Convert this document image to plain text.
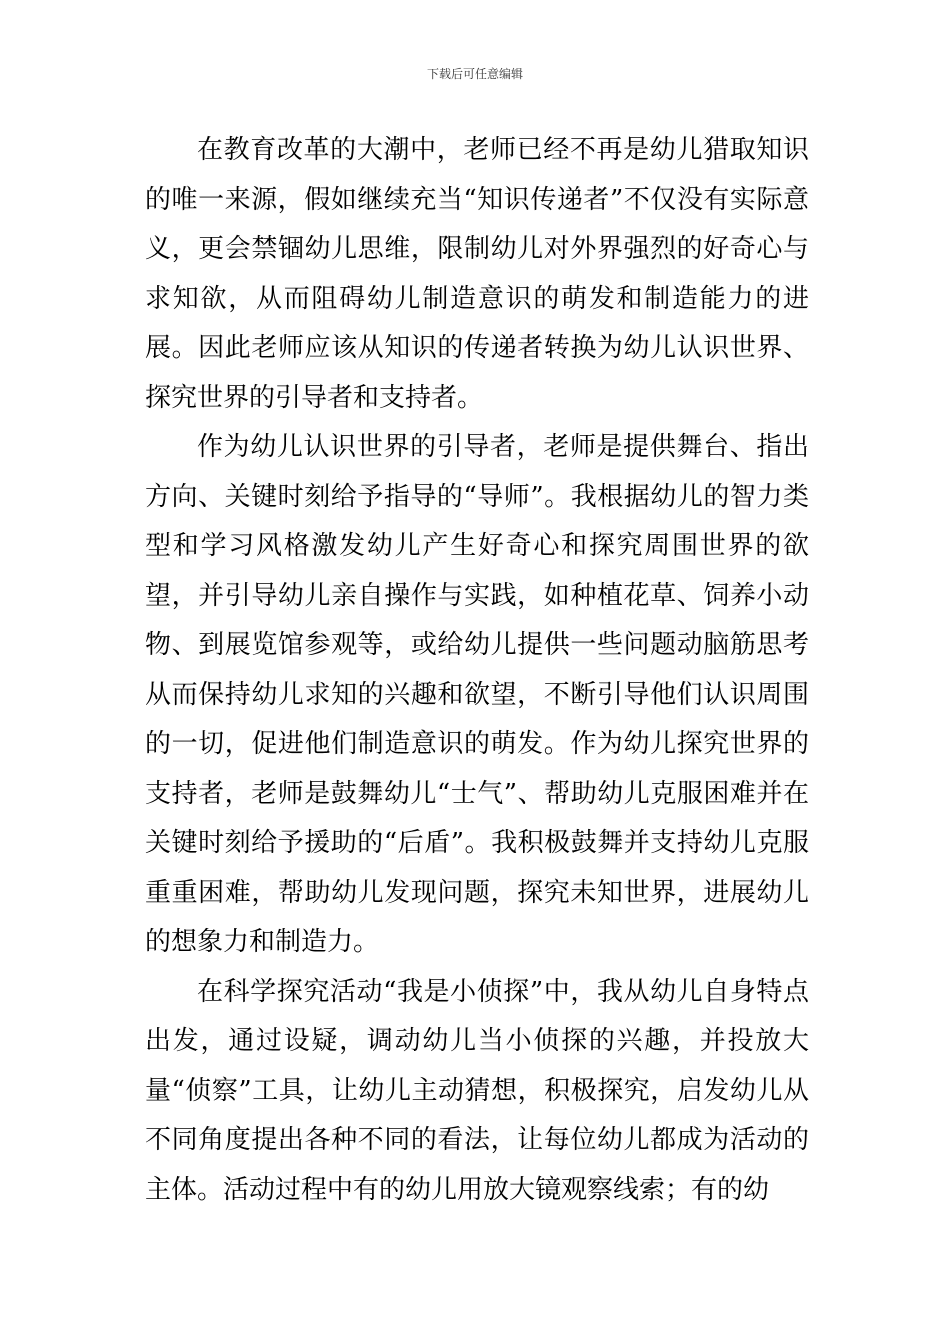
下载后可任意编辑

在教育改革的大潮中，老师已经不再是幼儿猎取知识的唯一来源，假如继续充当“知识传递者”不仅没有实际意义，更会禁锢幼儿思维，限制幼儿对外界强烈的好奇心与求知欲，从而阻碍幼儿制造意识的萌发和制造能力的进展。因此老师应该从知识的传递者转换为幼儿认识世界、探究世界的引导者和支持者。

作为幼儿认识世界的引导者，老师是提供舞台、指出方向、关键时刻给予指导的“导师”。我根据幼儿的智力类型和学习风格激发幼儿产生好奇心和探究周围世界的欲望，并引导幼儿亲自操作与实践，如种植花草、饲养小动物、到展览馆参观等，或给幼儿提供一些问题动脑筋思考从而保持幼儿求知的兴趣和欲望，不断引导他们认识周围的一切，促进他们制造意识的萌发。作为幼儿探究世界的支持者，老师是鼓舞幼儿“士气”、帮助幼儿克服困难并在关键时刻给予援助的“后盾”。我积极鼓舞并支持幼儿克服重重困难，帮助幼儿发现问题，探究未知世界，进展幼儿的想象力和制造力。

在科学探究活动“我是小侦探”中，我从幼儿自身特点出发，通过设疑，调动幼儿当小侦探的兴趣，并投放大量“侦察”工具，让幼儿主动猜想，积极探究，启发幼儿从不同角度提出各种不同的看法，让每位幼儿都成为活动的主体。活动过程中有的幼儿用放大镜观察线索；有的幼
